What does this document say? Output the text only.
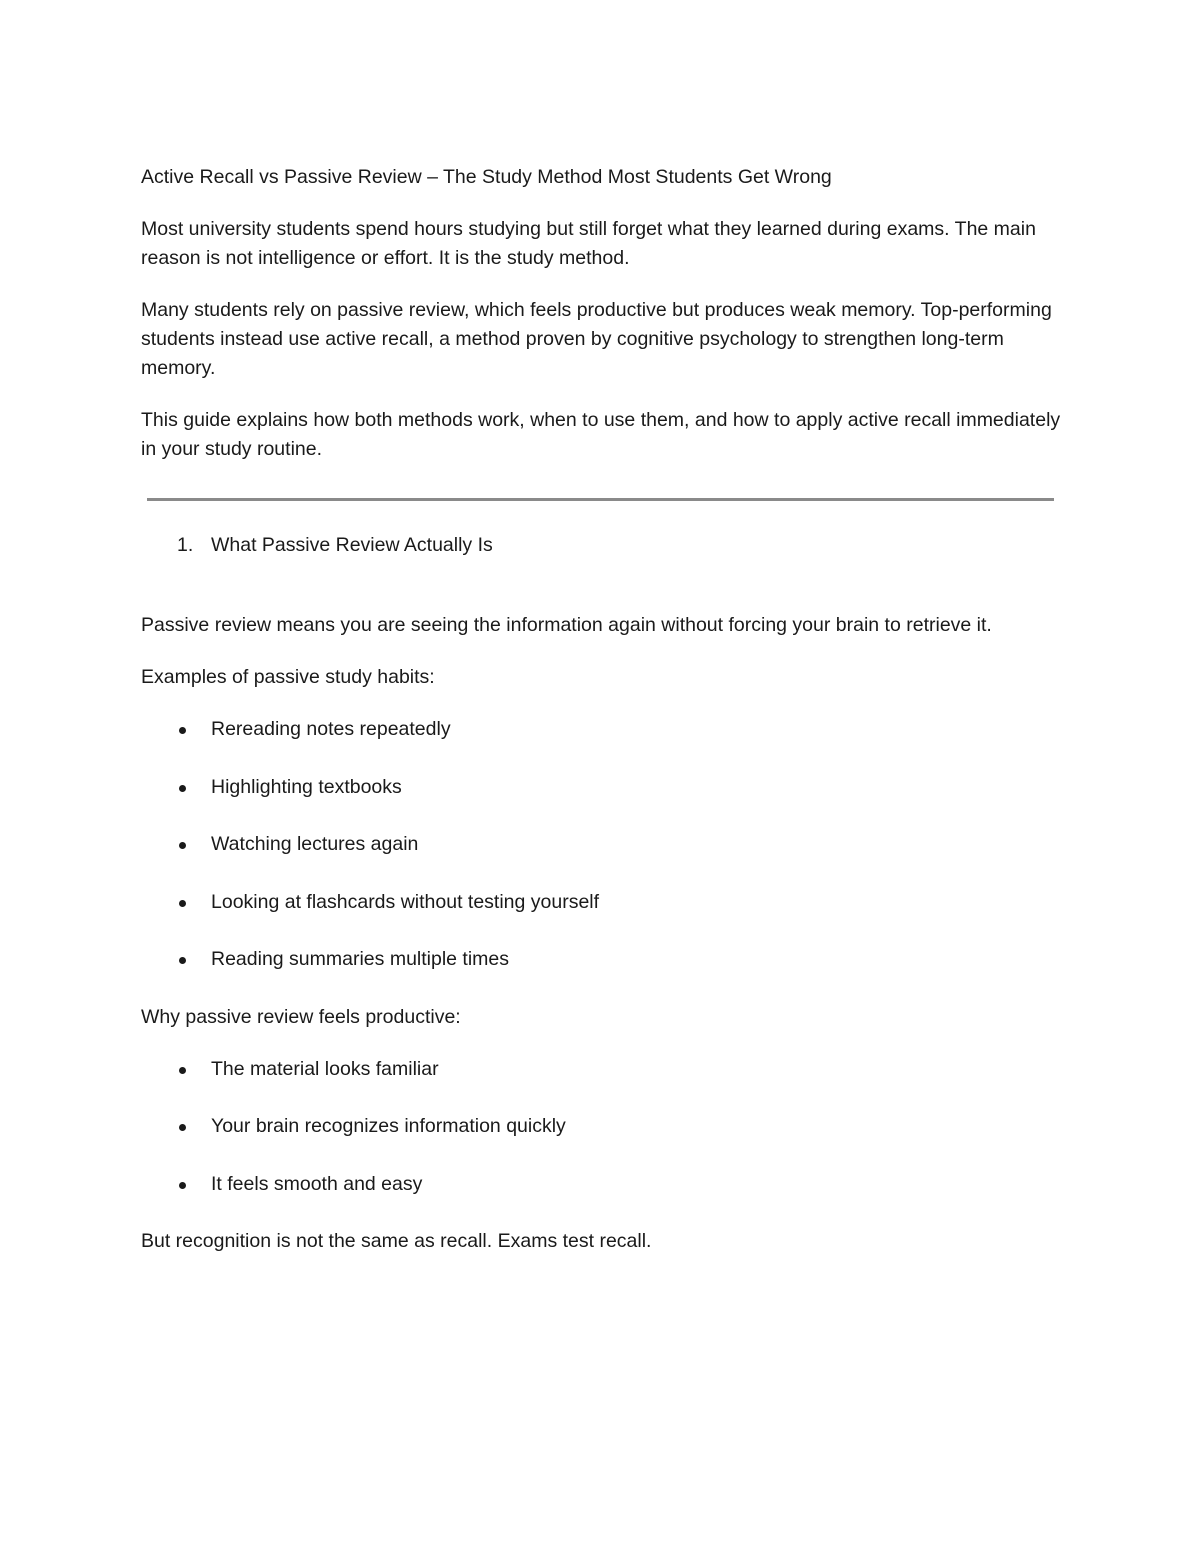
Active Recall vs Passive Review – The Study Method Most Students Get Wrong

Most university students spend hours studying but still forget what they learned during exams. The main reason is not intelligence or effort. It is the study method.

Many students rely on passive review, which feels productive but produces weak memory. Top-performing students instead use active recall, a method proven by cognitive psychology to strengthen long-term memory.

This guide explains how both methods work, when to use them, and how to apply active recall immediately in your study routine.

1. What Passive Review Actually Is

Passive review means you are seeing the information again without forcing your brain to retrieve it.

Examples of passive study habits:

Rereading notes repeatedly
Highlighting textbooks
Watching lectures again
Looking at flashcards without testing yourself
Reading summaries multiple times

Why passive review feels productive:

The material looks familiar
Your brain recognizes information quickly
It feels smooth and easy

But recognition is not the same as recall. Exams test recall.
